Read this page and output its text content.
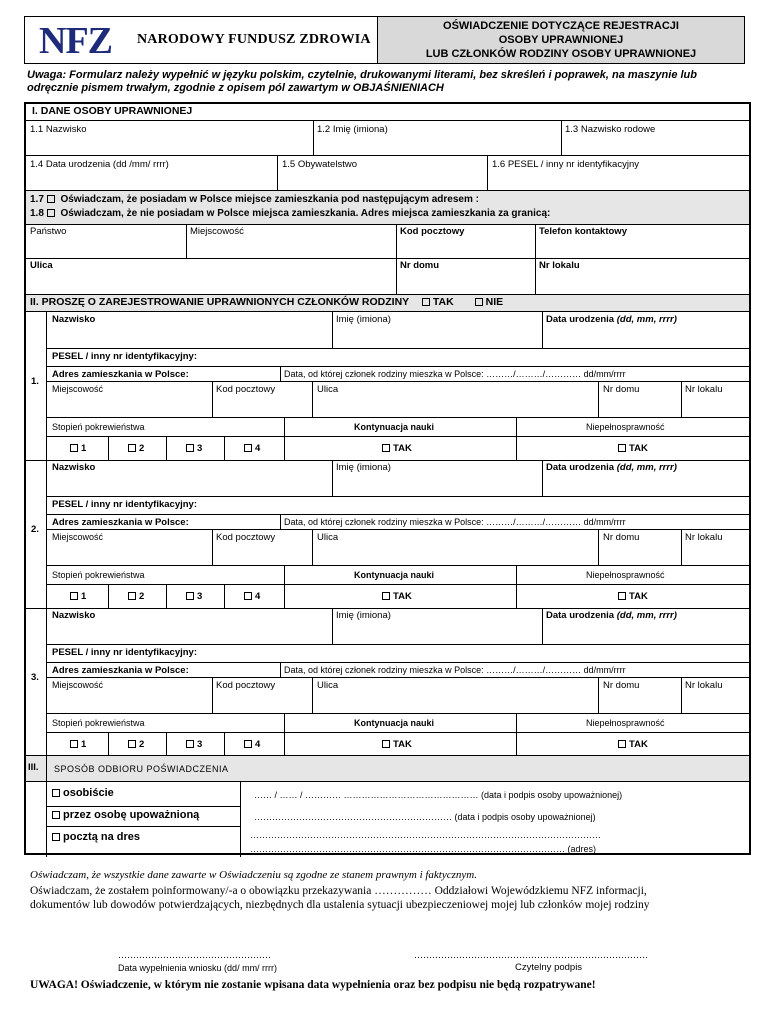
NFZ NARODOWY FUNDUSZ ZDROWIA
OŚWIADCZENIE DOTYCZĄCE REJESTRACJI
OSOBY UPRAWNIONEJ
LUB CZŁONKÓW RODZINY OSOBY UPRAWNIONEJ
Uwaga: Formularz należy wypełnić w języku polskim, czytelnie, drukowanymi literami, bez skreśleń i poprawek, na maszynie lub
odręcznie pismem trwałym, zgodnie z opisem pól zawartym w OBJAŚNIENIACH
I. DANE OSOBY UPRAWNIONEJ
1.1 Nazwisko	1.2 Imię (imiona)	1.3 Nazwisko rodowe
1.4 Data urodzenia (dd /mm/ rrrr)	1.5 Obywatelstwo	1.6 PESEL / inny nr identyfikacyjny
1.7 Oświadczam, że posiadam w Polsce miejsce zamieszkania pod następującym adresem :
1.8 Oświadczam, że nie posiadam w Polsce miejsca zamieszkania. Adres miejsca zamieszkania za granicą:
Państwo	Miejscowość	Kod pocztowy	Telefon kontaktowy
Ulica	Nr domu	Nr lokalu
II. PROSZĘ O ZAREJESTROWANIE UPRAWNIONYCH CZŁONKÓW RODZINY TAK	NIE
1.
Nazwisko	Imię (imiona)	Data urodzenia (dd, mm, rrrr)
PESEL / inny nr identyfikacyjny:
Adres zamieszkania w Polsce:	Data, od której członek rodziny mieszka w Polsce: ………/………/………… dd/mm/rrrr
Miejscowość	Kod pocztowy	Ulica	Nr domu	Nr lokalu
Stopień pokrewieństwa	Kontynuacja nauki	Niepełnosprawność
1	2	3	4	TAK	TAK
2.
Nazwisko	Imię (imiona)	Data urodzenia (dd, mm, rrrr)
PESEL / inny nr identyfikacyjny:
Adres zamieszkania w Polsce:	Data, od której członek rodziny mieszka w Polsce: ………/………/………… dd/mm/rrrr
Miejscowość	Kod pocztowy	Ulica	Nr domu	Nr lokalu
Stopień pokrewieństwa	Kontynuacja nauki	Niepełnosprawność
1	2	3	4	TAK	TAK
3.
Nazwisko	Imię (imiona)	Data urodzenia (dd, mm, rrrr)
PESEL / inny nr identyfikacyjny:
Adres zamieszkania w Polsce:	Data, od której członek rodziny mieszka w Polsce: ………/………/………… dd/mm/rrrr
Miejscowość	Kod pocztowy	Ulica	Nr domu	Nr lokalu
Stopień pokrewieństwa	Kontynuacja nauki	Niepełnosprawność
1	2	3	4	TAK	TAK
III. SPOSÓB ODBIORU POŚWIADCZENIA
osobiście
przez osobę upoważnioną
pocztą na dres
…… / …… / ………… ……………………………………… (data i podpis osoby upoważnionej)
………………………………………………………… (data i podpis osoby upoważnionej)
………………………………………………………………………………………………………
…………………………………………………………………………………………… (adres)
Oświadczam, że wszystkie dane zawarte w Oświadczeniu są zgodne ze stanem prawnym i faktycznym.
Oświadczam, że zostałem poinformowany/-a o obowiązku przekazywania …………… Oddziałowi Wojewódzkiemu NFZ informacji,
dokumentów lub dowodów potwierdzających, niezbędnych dla ustalenia sytuacji ubezpieczeniowej mojej lub członków mojej rodziny
……………………………………………
Data wypełnienia wniosku (dd/ mm/ rrrr)
……………………………………………………………………
Czytelny podpis
UWAGA! Oświadczenie, w którym nie zostanie wpisana data wypełnienia oraz bez podpisu nie będą rozpatrywane!
